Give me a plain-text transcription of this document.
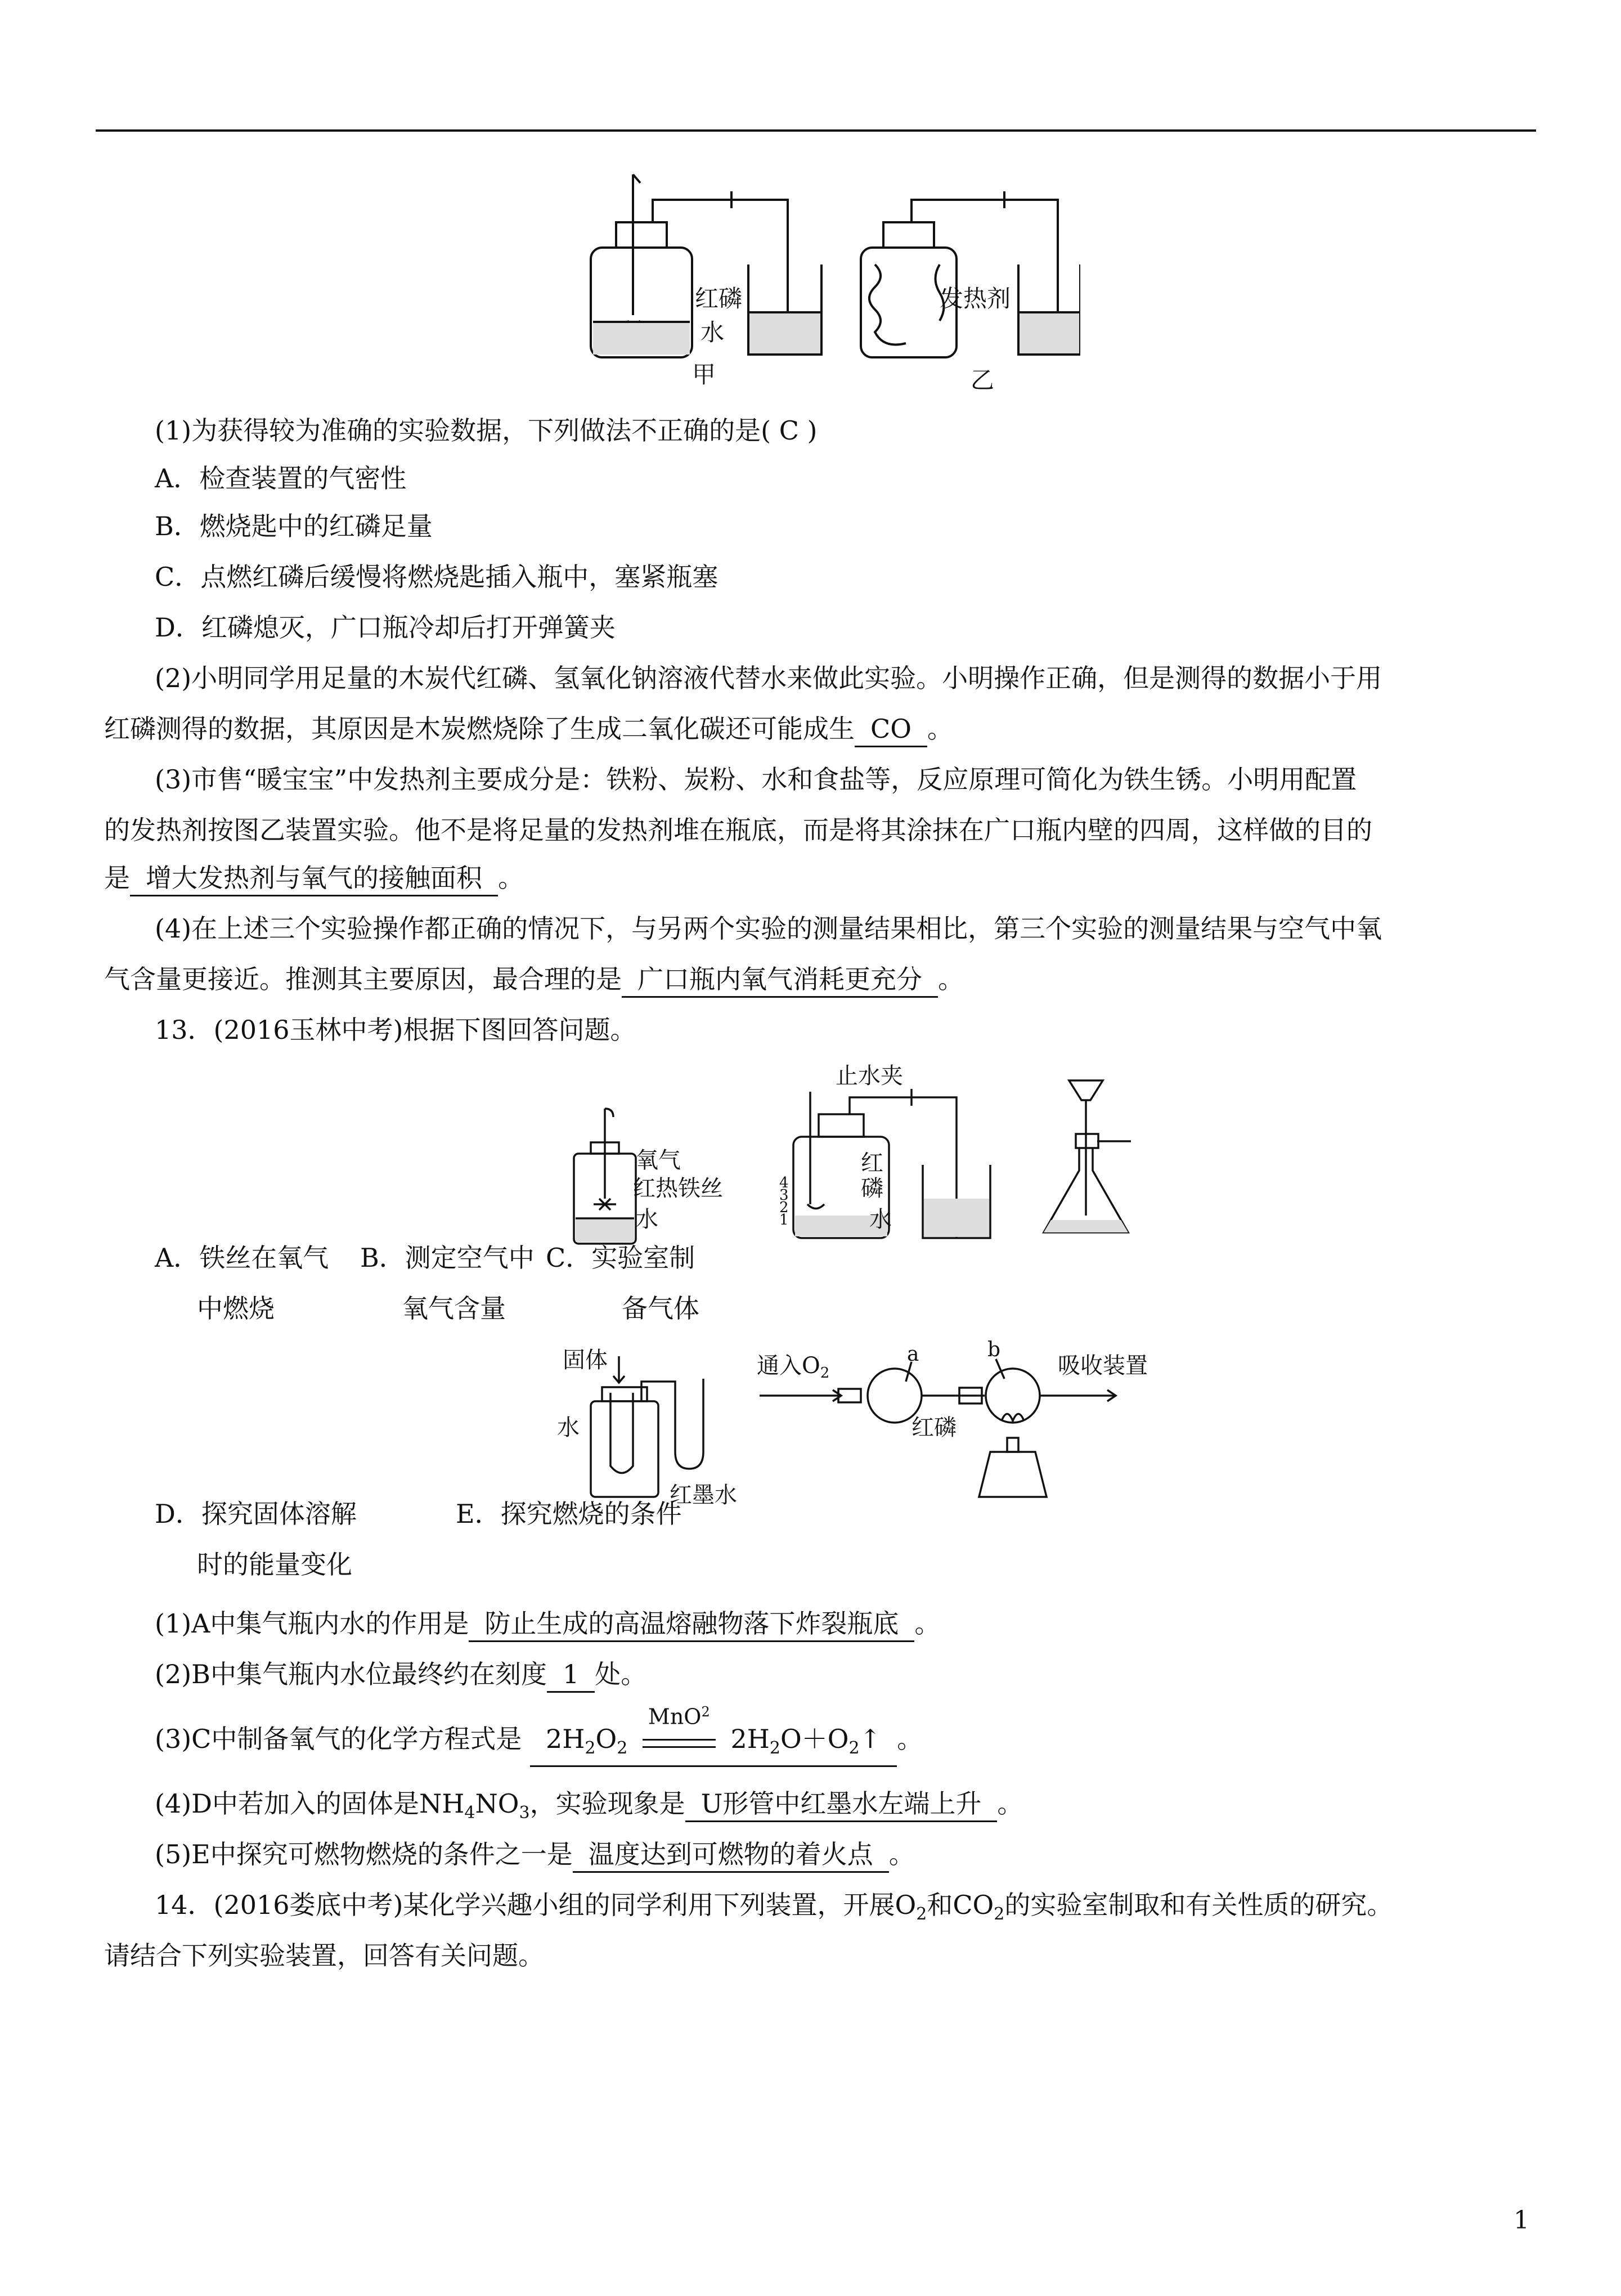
红磷
水
甲
发热剂
乙
(1)为获得较为准确的实验数据，下列做法不正确的是( C )
A．检查装置的气密性
B．燃烧匙中的红磷足量
C．点燃红磷后缓慢将燃烧匙插入瓶中，塞紧瓶塞
D．红磷熄灭，广口瓶冷却后打开弹簧夹
(2)小明同学用足量的木炭代红磷、氢氧化钠溶液代替水来做此实验。小明操作正确，但是测得的数据小于用
红磷测得的数据，其原因是木炭燃烧除了生成二氧化碳还可能成生 CO 。
(3)市售“暖宝宝”中发热剂主要成分是：铁粉、炭粉、水和食盐等，反应原理可简化为铁生锈。小明用配置
的发热剂按图乙装置实验。他不是将足量的发热剂堆在瓶底，而是将其涂抹在广口瓶内壁的四周，这样做的目的
是 增大发热剂与氧气的接触面积 。
(4)在上述三个实验操作都正确的情况下，与另两个实验的测量结果相比，第三个实验的测量结果与空气中氧
气含量更接近。推测其主要原因，最合理的是 广口瓶内氧气消耗更充分 。
13．(2016玉林中考)根据下图回答问题。
氧气
红热铁丝
水
止水夹
4
3
2
1
红
磷
水
A．铁丝在氧气	B．测定空气中 C．实验室制
中燃烧	氧气含量	备气体
固体
水
红墨水
通入$O_2$
a	b
吸收装置
红磷
D．探究固体溶解	E．探究燃烧的条件
时的能量变化
(1)A中集气瓶内水的作用是 防止生成的高温熔融物落下炸裂瓶底 。
(2)B中集气瓶内水位最终约在刻度 1 处。
(3)C中制备氧气的化学方程式是 $2H_2O_2$
MnO$^2$
$2H_2O+O_2↑$。
(4)D中若加入的固体是$NH_4NO_3$，实验现象是 U形管中红墨水左端上升 。
(5)E中探究可燃物燃烧的条件之一是 温度达到可燃物的着火点 。
14．(2016娄底中考)某化学兴趣小组的同学利用下列装置，开展$O_2$和$CO_2$的实验室制取和有关性质的研究。
请结合下列实验装置，回答有关问题。
1
